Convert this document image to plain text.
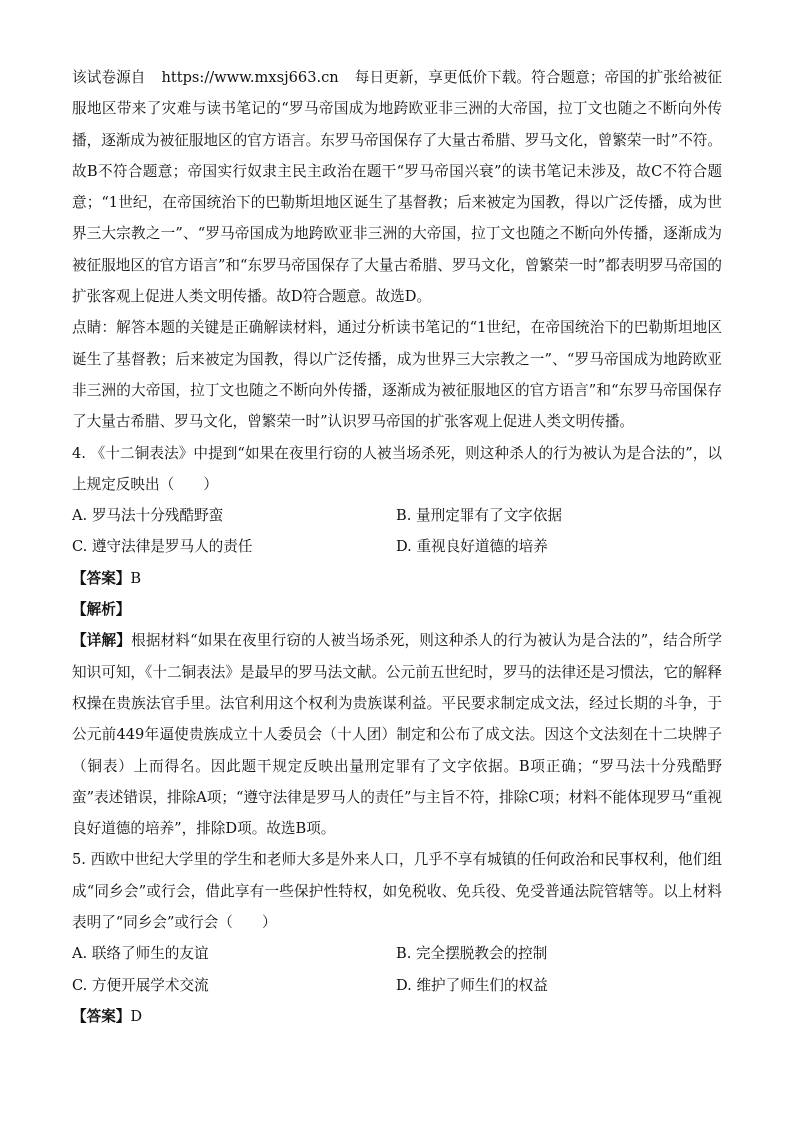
该试卷源自 https://www.mxsj663.cn 每日更新，享更低价下载。符合题意；帝国的扩张给被征服地区带来了灾难与读书笔记的“罗马帝国成为地跨欧亚非三洲的大帝国，拉丁文也随之不断向外传播，逐渐成为被征服地区的官方语言。东罗马帝国保存了大量古希腊、罗马文化，曾繁荣一时”不符。故B不符合题意；帝国实行奴隶主民主政治在题干“罗马帝国兴衰”的读书笔记未涉及，故C不符合题意；“1世纪，在帝国统治下的巴勒斯坦地区诞生了基督教；后来被定为国教，得以广泛传播，成为世界三大宗教之一”、“罗马帝国成为地跨欧亚非三洲的大帝国，拉丁文也随之不断向外传播，逐渐成为被征服地区的官方语言”和“东罗马帝国保存了大量古希腊、罗马文化，曾繁荣一时”都表明罗马帝国的扩张客观上促进人类文明传播。故D符合题意。故选D。

点睛：解答本题的关键是正确解读材料，通过分析读书笔记的“1世纪，在帝国统治下的巴勒斯坦地区诞生了基督教；后来被定为国教，得以广泛传播，成为世界三大宗教之一”、“罗马帝国成为地跨欧亚非三洲的大帝国，拉丁文也随之不断向外传播，逐渐成为被征服地区的官方语言”和“东罗马帝国保存了大量古希腊、罗马文化，曾繁荣一时”认识罗马帝国的扩张客观上促进人类文明传播。

4. 《十二铜表法》中提到“如果在夜里行窃的人被当场杀死，则这种杀人的行为被认为是合法的”，以上规定反映出（　　）

A. 罗马法十分残酷野蛮	B. 量刑定罪有了文字依据
C. 遵守法律是罗马人的责任	D. 重视良好道德的培养

【答案】B

【解析】

【详解】根据材料“如果在夜里行窃的人被当场杀死，则这种杀人的行为被认为是合法的”，结合所学知识可知，《十二铜表法》是最早的罗马法文献。公元前五世纪时，罗马的法律还是习惯法，它的解释权操在贵族法官手里。法官利用这个权利为贵族谋利益。平民要求制定成文法，经过长期的斗争，于公元前449年逼使贵族成立十人委员会（十人团）制定和公布了成文法。因这个文法刻在十二块牌子（铜表）上而得名。因此题干规定反映出量刑定罪有了文字依据。B项正确；“罗马法十分残酷野蛮”表述错误，排除A项；“遵守法律是罗马人的责任”与主旨不符，排除C项；材料不能体现罗马“重视良好道德的培养”，排除D项。故选B项。

5. 西欧中世纪大学里的学生和老师大多是外来人口，几乎不享有城镇的任何政治和民事权利，他们组成“同乡会”或行会，借此享有一些保护性特权，如免税收、免兵役、免受普通法院管辖等。以上材料表明了“同乡会”或行会（　　）

A. 联络了师生的友谊	B. 完全摆脱教会的控制
C. 方便开展学术交流	D. 维护了师生们的权益

【答案】D
